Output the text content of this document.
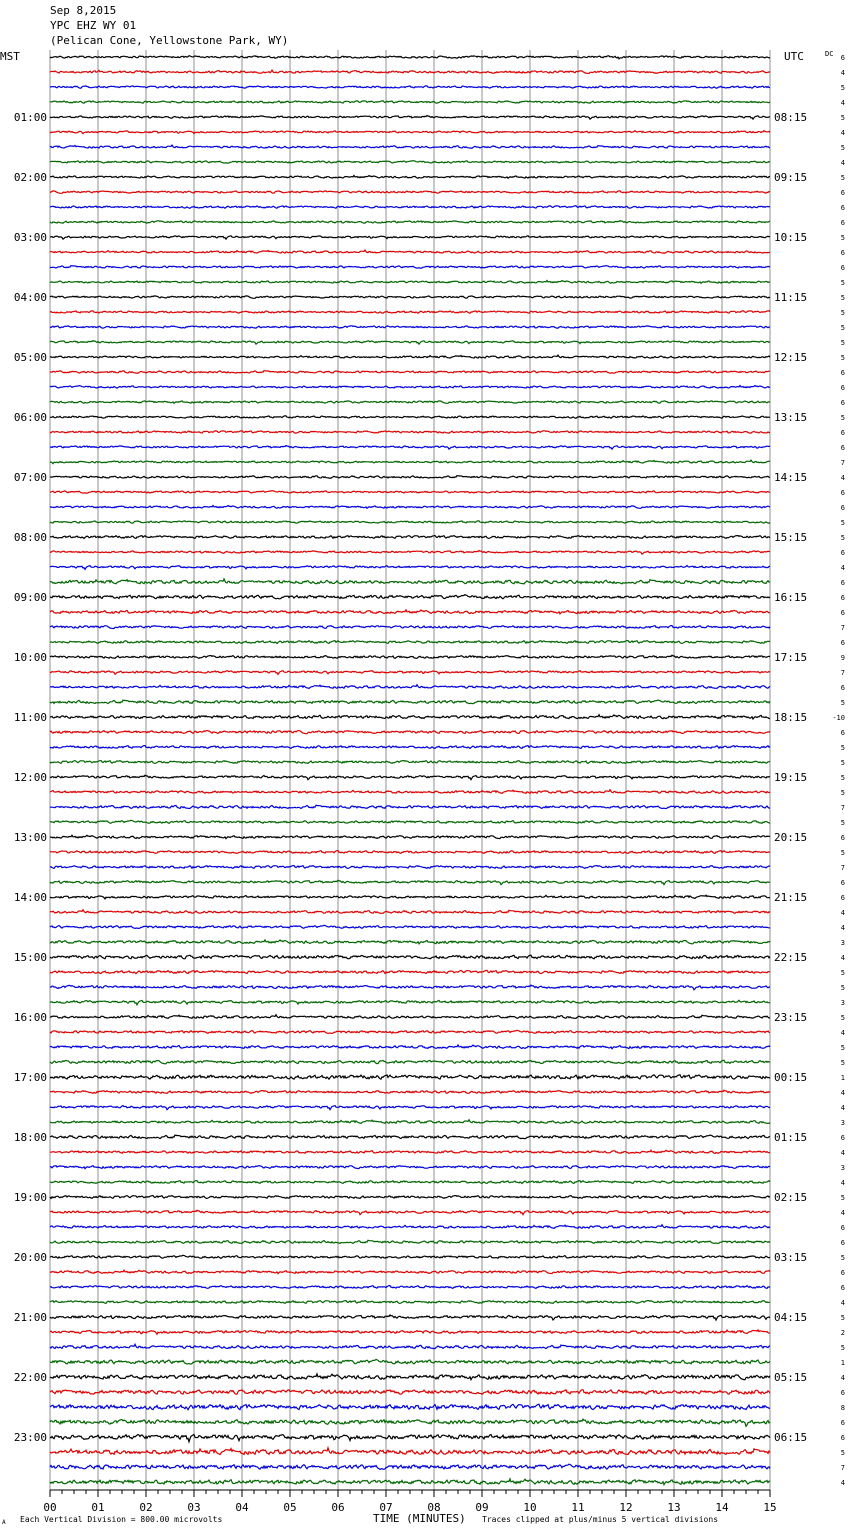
Sep 8,2015
YPC EHZ WY 01
(Pelican Cone, Yellowstone Park, WY)
00	01	02	03	04	05	06	07	08	09	10	11	12	13	14	15
01:00
02:00
03:00
04:00
05:00
06:00
07:00
08:00
09:00
10:00
11:00
12:00
13:00
14:00
15:00
16:00
17:00
18:00
19:00
20:00
21:00
22:00
23:00
08:15
09:15
10:15
11:15
12:15
13:15
14:15
15:15
16:15
17:15
18:15
19:15
20:15
21:15
22:15
23:15
00:15
01:15
02:15
03:15
04:15
05:15
06:15
6
4
5
4
5
4
5
4
5
6
6
6
5
6
6
5
5
5
5
5
5
6
6
6
5
6
6
7
4
6
6
5
5
6
4
6
6
6
7
6
9
7
6
5
-10
6
5
5
5
5
7
5
6
5
7
6
6
4
4
3
4
5
5
3
5
4
5
5
1
4
4
3
6
4
3
4
5
4
6
6
5
6
6
4
5
2
5
1
4
6
8
6
6
5
7
4
MST	UTC	DC
A Each Vertical Division = 800.00 microvolts	TIME (MINUTES) Traces clipped at plus/minus 5 vertical divisions
